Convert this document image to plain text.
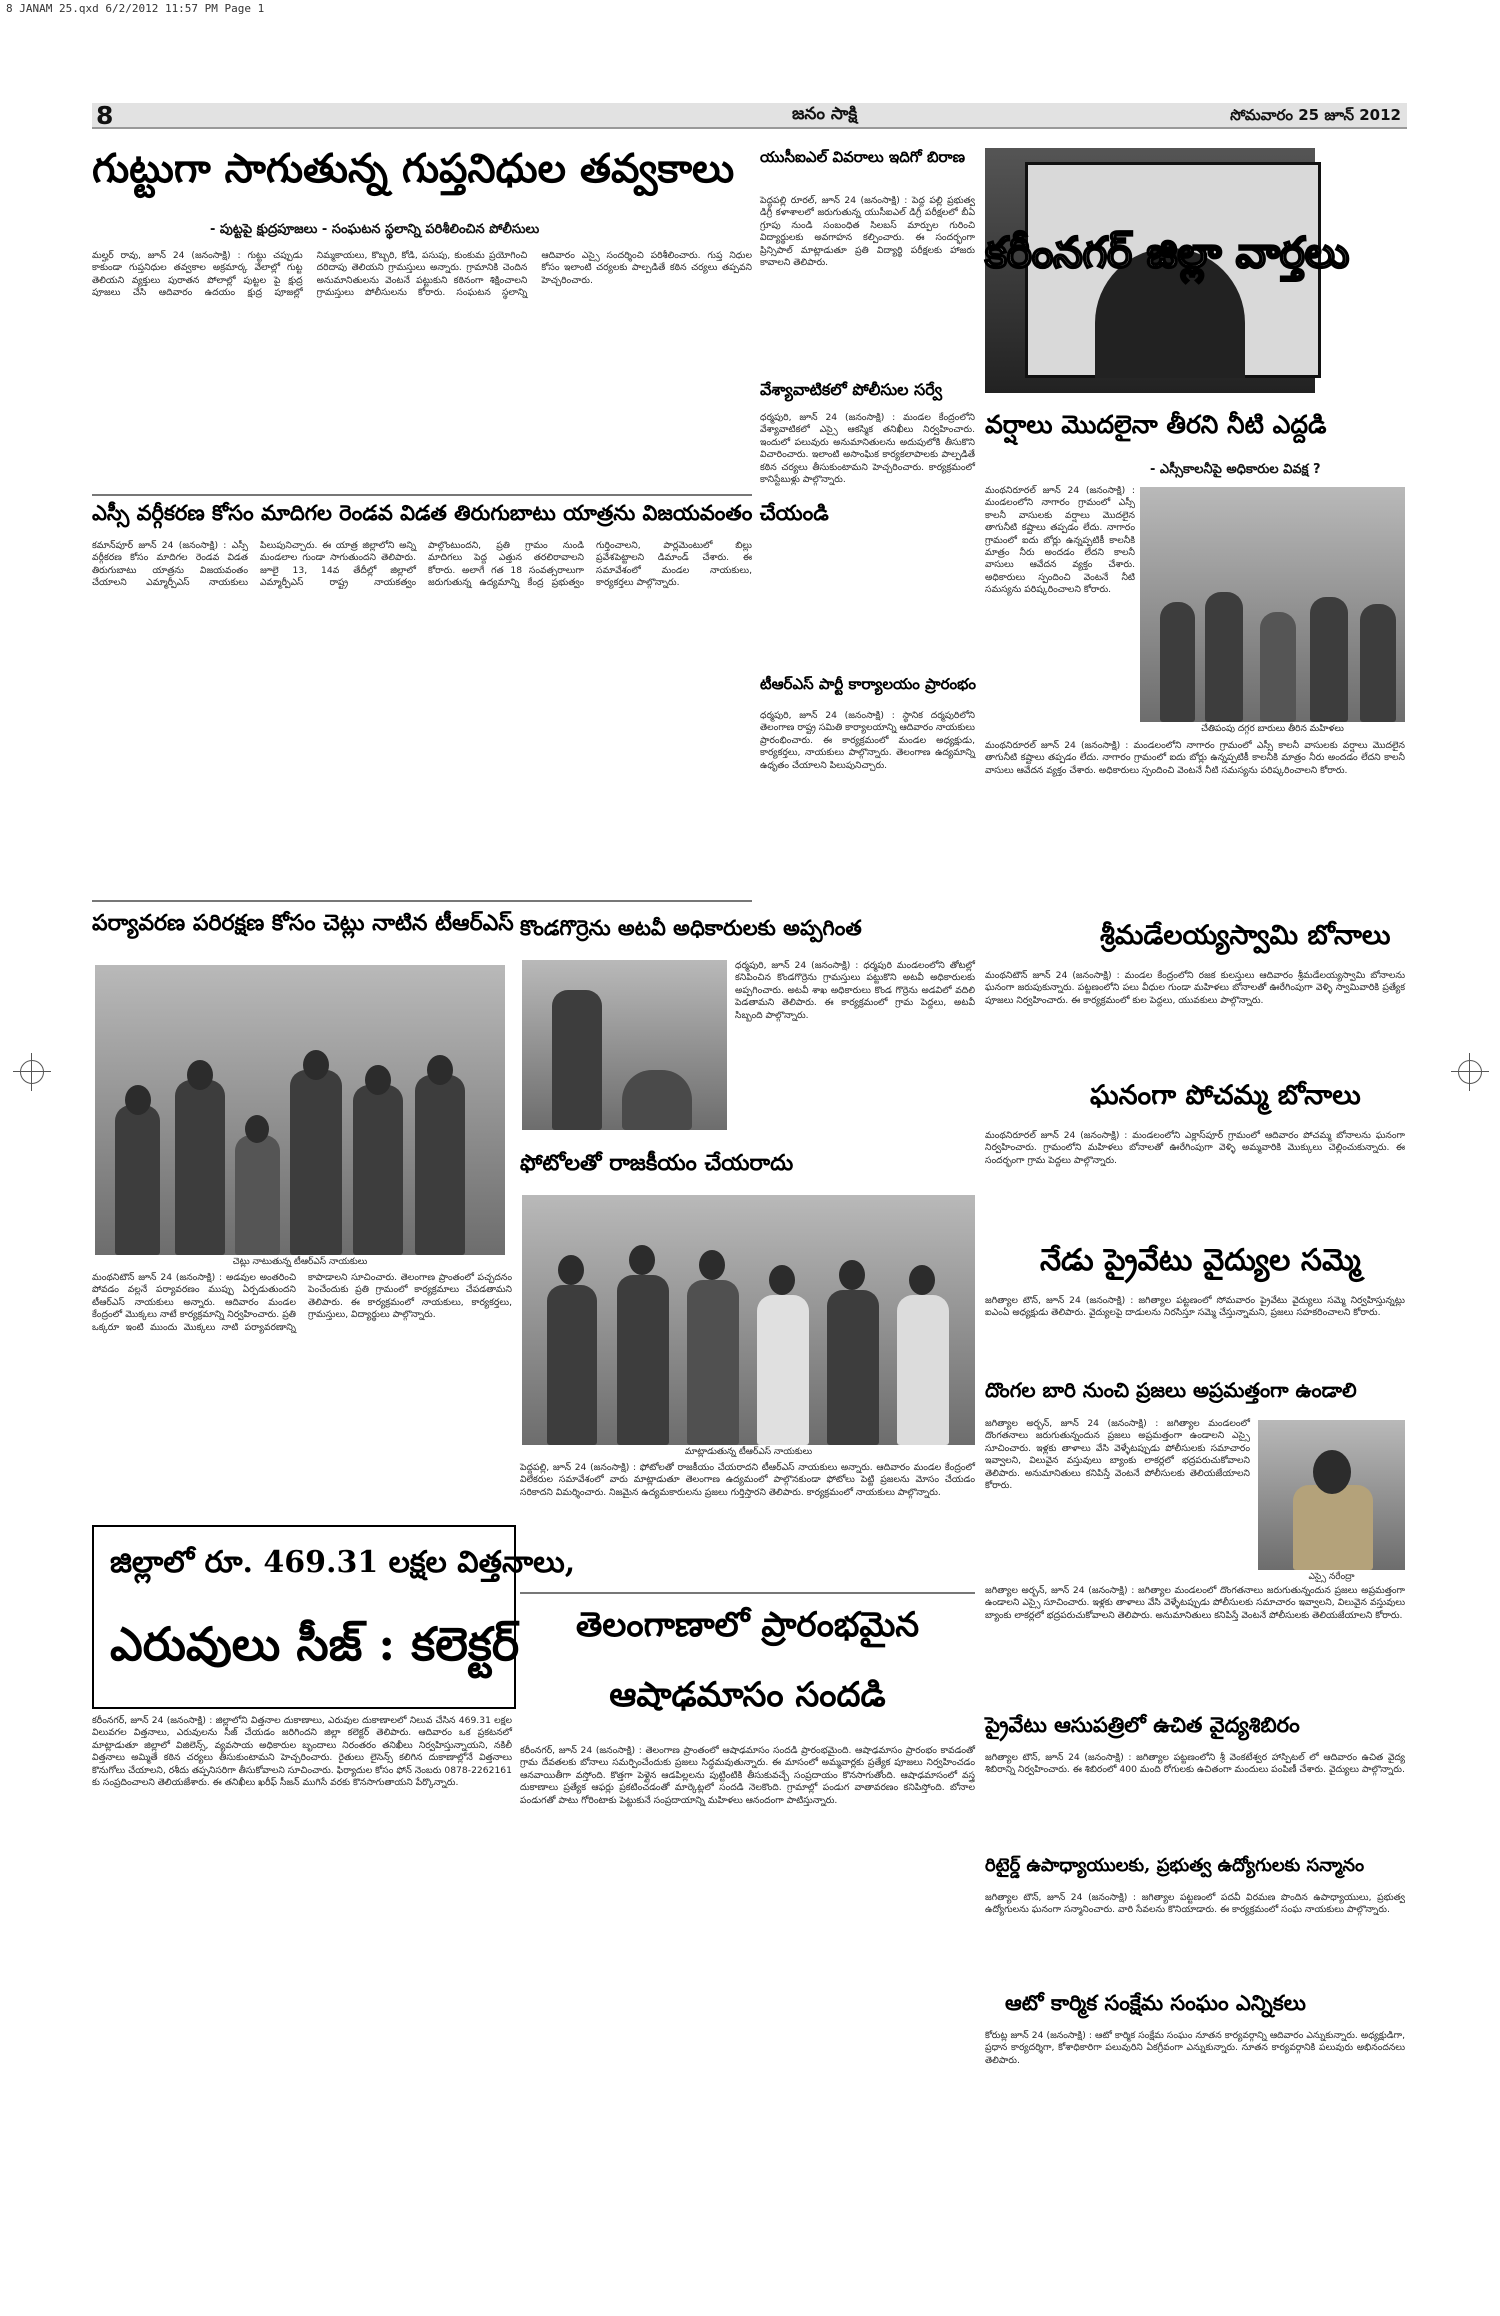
8 JANAM 25.qxd 6/2/2012 11:57 PM Page 1
8	జనం సాక్షి	సోమవారం 25 జూన్ 2012
గుట్టుగా సాగుతున్న గుప్తనిధుల తవ్వకాలు
- పుట్టపై క్షుద్రపూజలు - సంఘటన స్థలాన్ని పరిశీలించిన పోలీసులు
మల్హర్ రావు, జూన్ 24 (జనంసాక్షి) : గుట్టు చప్పుడు కాకుండా గుప్తనిధుల తవ్వకాల అక్రమార్క వేలాల్లో గుట్ట తెలియని వ్యక్తులు పురాతన పోలాల్లో పుట్టల పై క్షుద్ర పూజలు చేసి ఆదివారం ఉదయం క్షుద్ర పూజల్లో నిమ్మకాయలు, కొబ్బరి, కోడి, పసుపు, కుంకుమ ప్రయోగించి దరిదాపు తెలియని గ్రామస్తులు అన్నారు. గ్రామానికి చెందిన అనుమానితులను వెంటనే పట్టుకుని కఠినంగా శిక్షించాలని గ్రామస్తులు పోలీసులను కోరారు. సంఘటన స్థలాన్ని ఆదివారం ఎస్సై సందర్శించి పరిశీలించారు. గుప్త నిధుల కోసం ఇలాంటి చర్యలకు పాల్పడితే కఠిన చర్యలు తప్పవని హెచ్చరించారు.
ఎస్సీ వర్గీకరణ కోసం మాదిగల రెండవ విడత తిరుగుబాటు యాత్రను విజయవంతం చేయండి
కమాన్‌పూర్ జూన్ 24 (జనంసాక్షి) : ఎస్సీ వర్గీకరణ కోసం మాదిగల రెండవ విడత తిరుగుబాటు యాత్రను విజయవంతం చేయాలని ఎమ్మార్పీఎస్ నాయకులు పిలుపునిచ్చారు. ఈ యాత్ర జిల్లాలోని అన్ని మండలాల గుండా సాగుతుందని తెలిపారు. జూలై 13, 14వ తేదీల్లో జిల్లాలో ఎమ్మార్పీఎస్ రాష్ట్ర నాయకత్వం పాల్గొంటుందని, ప్రతి గ్రామం నుండి మాదిగలు పెద్ద ఎత్తున తరలిరావాలని కోరారు. అలాగే గత 18 సంవత్సరాలుగా జరుగుతున్న ఉద్యమాన్ని కేంద్ర ప్రభుత్వం గుర్తించాలని, పార్లమెంటులో బిల్లు ప్రవేశపెట్టాలని డిమాండ్ చేశారు. ఈ సమావేశంలో మండల నాయకులు, కార్యకర్తలు పాల్గొన్నారు.
పర్యావరణ పరిరక్షణ కోసం చెట్లు నాటిన టీఆర్ఎస్
చెట్లు నాటుతున్న టీఆర్ఎస్ నాయకులు
మంథనిటౌన్ జూన్ 24 (జనంసాక్షి) : అడవుల అంతరించి పోవడం వల్లనే పర్యావరణం ముప్పు ఏర్పడుతుందని టీఆర్ఎస్ నాయకులు అన్నారు. ఆదివారం మండల కేంద్రంలో మొక్కలు నాటే కార్యక్రమాన్ని నిర్వహించారు. ప్రతి ఒక్కరూ ఇంటి ముందు మొక్కలు నాటి పర్యావరణాన్ని కాపాడాలని సూచించారు. తెలంగాణ ప్రాంతంలో పచ్చదనం పెంచేందుకు ప్రతి గ్రామంలో కార్యక్రమాలు చేపడతామని తెలిపారు. ఈ కార్యక్రమంలో నాయకులు, కార్యకర్తలు, గ్రామస్తులు, విద్యార్థులు పాల్గొన్నారు.
జిల్లాలో రూ. 469.31 లక్షల విత్తనాలు,
ఎరువులు సీజ్ : కలెక్టర్
కరీంనగర్, జూన్ 24 (జనంసాక్షి) : జిల్లాలోని విత్తనాల దుకాణాలు, ఎరువుల దుకాణాలలో నిలువ చేసిన 469.31 లక్షల విలువగల విత్తనాలు, ఎరువులను సీజ్ చేయడం జరిగిందని జిల్లా కలెక్టర్ తెలిపారు. ఆదివారం ఒక ప్రకటనలో మాట్లాడుతూ జిల్లాలో విజిలెన్స్, వ్యవసాయ అధికారుల బృందాలు నిరంతరం తనిఖీలు నిర్వహిస్తున్నాయని, నకిలీ విత్తనాలు అమ్మితే కఠిన చర్యలు తీసుకుంటామని హెచ్చరించారు. రైతులు లైసెన్స్ కలిగిన దుకాణాల్లోనే విత్తనాలు కొనుగోలు చేయాలని, రశీదు తప్పనిసరిగా తీసుకోవాలని సూచించారు. ఫిర్యాదుల కోసం ఫోన్ నెంబరు 0878-2262161 కు సంప్రదించాలని తెలియజేశారు. ఈ తనిఖీలు ఖరీఫ్ సీజన్ ముగిసే వరకు కొనసాగుతాయని పేర్కొన్నారు.
యుసీఐఎల్ వివరాలు ఇదిగో బిరాణ
పెద్దపల్లి రూరల్, జూన్ 24 (జనంసాక్షి) : పెద్ద పల్లి ప్రభుత్వ డిగ్రీ కళాశాలలో జరుగుతున్న యుసీఐఎల్ డిగ్రీ పరీక్షలలో బీఏ గ్రూపు నుండి సంబంధిత సిలబస్ మార్పుల గురించి విద్యార్థులకు అవగాహన కల్పించారు. ఈ సందర్భంగా ప్రిన్సిపాల్ మాట్లాడుతూ ప్రతి విద్యార్థి పరీక్షలకు హాజరు కావాలని తెలిపారు.
వేశ్యావాటికలో పోలీసుల సర్వే
ధర్మపురి, జూన్ 24 (జనంసాక్షి) : మండల కేంద్రంలోని వేశ్యావాటికలో ఎస్సై ఆకస్మిక తనిఖీలు నిర్వహించారు. ఇందులో పలువురు అనుమానితులను అదుపులోకి తీసుకొని విచారించారు. ఇలాంటి అసాంఘిక కార్యకలాపాలకు పాల్పడితే కఠిన చర్యలు తీసుకుంటామని హెచ్చరించారు. కార్యక్రమంలో కానిస్టేబుళ్లు పాల్గొన్నారు.
టీఆర్ఎస్ పార్టీ కార్యాలయం ప్రారంభం
ధర్మపురి, జూన్ 24 (జనంసాక్షి) : స్థానిక దర్మపురిలోని తెలంగాణ రాష్ట్ర సమితి కార్యాలయాన్ని ఆదివారం నాయకులు ప్రారంభించారు. ఈ కార్యక్రమంలో మండల అధ్యక్షుడు, కార్యకర్తలు, నాయకులు పాల్గొన్నారు. తెలంగాణ ఉద్యమాన్ని ఉధృతం చేయాలని పిలుపునిచ్చారు.
కరీంనగర్ జిల్లా వార్తలు
వర్షాలు మొదలైనా తీరని నీటి ఎద్దడి
- ఎస్సీకాలనీపై అధికారుల వివక్ష ?
మంథనిరూరల్ జూన్ 24 (జనంసాక్షి) : మండలంలోని నాగారం గ్రామంలో ఎస్సీ కాలనీ వాసులకు వర్షాలు మొదలైన తాగునీటి కష్టాలు తప్పడం లేదు. నాగారం గ్రామంలో ఐదు బోర్లు ఉన్నప్పటికీ కాలనీకి మాత్రం నీరు అందడం లేదని కాలనీ వాసులు ఆవేదన వ్యక్తం చేశారు. అధికారులు స్పందించి వెంటనే నీటి సమస్యను పరిష్కరించాలని కోరారు.
చేతిపంపు దగ్గర బారులు తీరిన మహిళలు
మంథనిరూరల్ జూన్ 24 (జనంసాక్షి) : మండలంలోని నాగారం గ్రామంలో ఎస్సీ కాలనీ వాసులకు వర్షాలు మొదలైన తాగునీటి కష్టాలు తప్పడం లేదు. నాగారం గ్రామంలో ఐదు బోర్లు ఉన్నప్పటికీ కాలనీకి మాత్రం నీరు అందడం లేదని కాలనీ వాసులు ఆవేదన వ్యక్తం చేశారు. అధికారులు స్పందించి వెంటనే నీటి సమస్యను పరిష్కరించాలని కోరారు.
కొండగొర్రెను అటవీ అధికారులకు అప్పగింత
ధర్మపురి, జూన్ 24 (జనంసాక్షి) : ధర్మపురి మండలంలోని తోటల్లో కనిపించిన కొండగొర్రెను గ్రామస్తులు పట్టుకొని అటవీ అధికారులకు అప్పగించారు. అటవీ శాఖ అధికారులు కొండ గొర్రెను అడవిలో వదిలి పెడతామని తెలిపారు. ఈ కార్యక్రమంలో గ్రామ పెద్దలు, అటవీ సిబ్బంది పాల్గొన్నారు.
ఫోటోలతో రాజకీయం చేయరాదు
మాట్లాడుతున్న టీఆర్ఎస్ నాయకులు
పెద్దపల్లి, జూన్ 24 (జనంసాక్షి) : ఫోటోలతో రాజకీయం చేయరాదని టీఆర్ఎస్ నాయకులు అన్నారు. ఆదివారం మండల కేంద్రంలో విలేకరుల సమావేశంలో వారు మాట్లాడుతూ తెలంగాణ ఉద్యమంలో పాల్గొనకుండా ఫోటోలు పెట్టి ప్రజలను మోసం చేయడం సరికాదని విమర్శించారు. నిజమైన ఉద్యమకారులను ప్రజలు గుర్తిస్తారని తెలిపారు. కార్యక్రమంలో నాయకులు పాల్గొన్నారు.
తెలంగాణాలో ప్రారంభమైన
ఆషాఢమాసం సందడి
కరీంనగర్, జూన్ 24 (జనంసాక్షి) : తెలంగాణ ప్రాంతంలో ఆషాఢమాసం సందడి ప్రారంభమైంది. ఆషాఢమాసం ప్రారంభం కావడంతో గ్రామ దేవతలకు బోనాలు సమర్పించేందుకు ప్రజలు సిద్ధమవుతున్నారు. ఈ మాసంలో అమ్మవార్లకు ప్రత్యేక పూజలు నిర్వహించడం ఆనవాయితీగా వస్తోంది. కొత్తగా పెళ్లైన ఆడపిల్లలను పుట్టింటికి తీసుకువచ్చే సంప్రదాయం కొనసాగుతోంది. ఆషాఢమాసంలో వస్త్ర దుకాణాలు ప్రత్యేక ఆఫర్లు ప్రకటించడంతో మార్కెట్లలో సందడి నెలకొంది. గ్రామాల్లో పండుగ వాతావరణం కనిపిస్తోంది. బోనాల పండుగతో పాటు గోరింటాకు పెట్టుకునే సంప్రదాయాన్ని మహిళలు ఆనందంగా పాటిస్తున్నారు.
శ్రీమడేలయ్యస్వామి బోనాలు
మంథనిటౌన్ జూన్ 24 (జనంసాక్షి) : మండల కేంద్రంలోని రజక కులస్తులు ఆదివారం శ్రీమడేలయ్యస్వామి బోనాలను ఘనంగా జరుపుకున్నారు. పట్టణంలోని పలు వీధుల గుండా మహిళలు బోనాలతో ఊరేగింపుగా వెళ్ళి స్వామివారికి ప్రత్యేక పూజలు నిర్వహించారు. ఈ కార్యక్రమంలో కుల పెద్దలు, యువకులు పాల్గొన్నారు.
ఘనంగా పోచమ్మ బోనాలు
మంథనిరూరల్ జూన్ 24 (జనంసాక్షి) : మండలంలోని ఎక్లాస్‌పూర్ గ్రామంలో ఆదివారం పోచమ్మ బోనాలను ఘనంగా నిర్వహించారు. గ్రామంలోని మహిళలు బోనాలతో ఊరేగింపుగా వెళ్ళి అమ్మవారికి మొక్కులు చెల్లించుకున్నారు. ఈ సందర్భంగా గ్రామ పెద్దలు పాల్గొన్నారు.
నేడు ప్రైవేటు వైద్యుల సమ్మె
జగిత్యాల టౌన్, జూన్ 24 (జనంసాక్షి) : జగిత్యాల పట్టణంలో సోమవారం ప్రైవేటు వైద్యులు సమ్మె నిర్వహిస్తున్నట్లు ఐఎంఏ అధ్యక్షుడు తెలిపారు. వైద్యులపై దాడులను నిరసిస్తూ సమ్మె చేస్తున్నామని, ప్రజలు సహకరించాలని కోరారు.
దొంగల బారి నుంచి ప్రజలు అప్రమత్తంగా ఉండాలి
జగిత్యాల అర్బన్, జూన్ 24 (జనంసాక్షి) : జగిత్యాల మండలంలో దొంగతనాలు జరుగుతున్నందున ప్రజలు అప్రమత్తంగా ఉండాలని ఎస్సై సూచించారు. ఇళ్లకు తాళాలు వేసి వెళ్ళేటప్పుడు పోలీసులకు సమాచారం ఇవ్వాలని, విలువైన వస్తువులు బ్యాంకు లాకర్లలో భద్రపరుచుకోవాలని తెలిపారు. అనుమానితులు కనిపిస్తే వెంటనే పోలీసులకు తెలియజేయాలని కోరారు.
ఎస్సై నరేంద్రా
జగిత్యాల అర్బన్, జూన్ 24 (జనంసాక్షి) : జగిత్యాల మండలంలో దొంగతనాలు జరుగుతున్నందున ప్రజలు అప్రమత్తంగా ఉండాలని ఎస్సై సూచించారు. ఇళ్లకు తాళాలు వేసి వెళ్ళేటప్పుడు పోలీసులకు సమాచారం ఇవ్వాలని, విలువైన వస్తువులు బ్యాంకు లాకర్లలో భద్రపరుచుకోవాలని తెలిపారు. అనుమానితులు కనిపిస్తే వెంటనే పోలీసులకు తెలియజేయాలని కోరారు.
ప్రైవేటు ఆసుపత్రిలో ఉచిత వైద్యశిబిరం
జగిత్యాల టౌన్, జూన్ 24 (జనంసాక్షి) : జగిత్యాల పట్టణంలోని శ్రీ వెంకటేశ్వర హాస్పిటల్ లో ఆదివారం ఉచిత వైద్య శిబిరాన్ని నిర్వహించారు. ఈ శిబిరంలో 400 మంది రోగులకు ఉచితంగా మందులు పంపిణీ చేశారు. వైద్యులు పాల్గొన్నారు.
రిటైర్డ్ ఉపాధ్యాయులకు, ప్రభుత్వ ఉద్యోగులకు సన్మానం
జగిత్యాల టౌన్, జూన్ 24 (జనంసాక్షి) : జగిత్యాల పట్టణంలో పదవీ విరమణ పొందిన ఉపాధ్యాయులు, ప్రభుత్వ ఉద్యోగులను ఘనంగా సన్మానించారు. వారి సేవలను కొనియాడారు. ఈ కార్యక్రమంలో సంఘ నాయకులు పాల్గొన్నారు.
ఆటో కార్మిక సంక్షేమ సంఘం ఎన్నికలు
కోరుట్ల జూన్ 24 (జనంసాక్షి) : ఆటో కార్మిక సంక్షేమ సంఘం నూతన కార్యవర్గాన్ని ఆదివారం ఎన్నుకున్నారు. అధ్యక్షుడిగా, ప్రధాన కార్యదర్శిగా, కోశాధికారిగా పలువురిని ఏకగ్రీవంగా ఎన్నుకున్నారు. నూతన కార్యవర్గానికి పలువురు అభినందనలు తెలిపారు.
